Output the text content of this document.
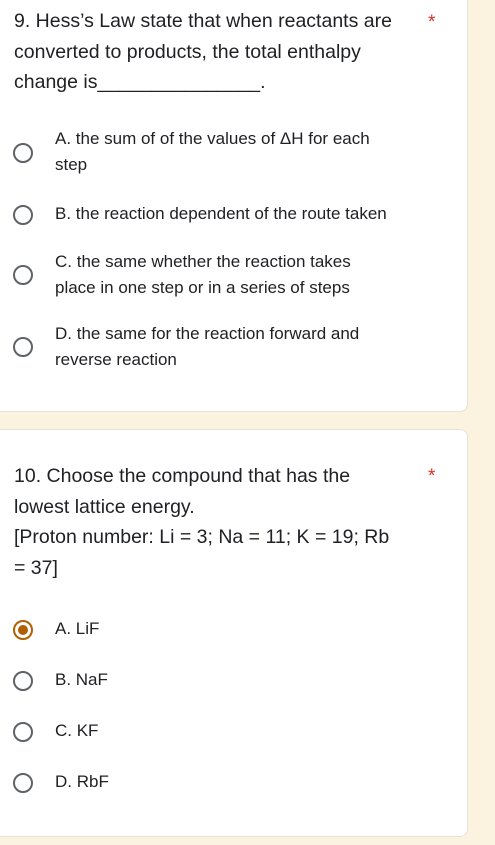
9. Hess’s Law state that when reactants are
converted to products, the total enthalpy
change is_______________.
*
A. the sum of of the values of ΔH for each
step
B. the reaction dependent of the route taken
C. the same whether the reaction takes
place in one step or in a series of steps
D. the same for the reaction forward and
reverse reaction
10. Choose the compound that has the
lowest lattice energy.
[Proton number: Li = 3; Na = 11; K = 19; Rb
= 37]
*
A. LiF
B. NaF
C. KF
D. RbF
